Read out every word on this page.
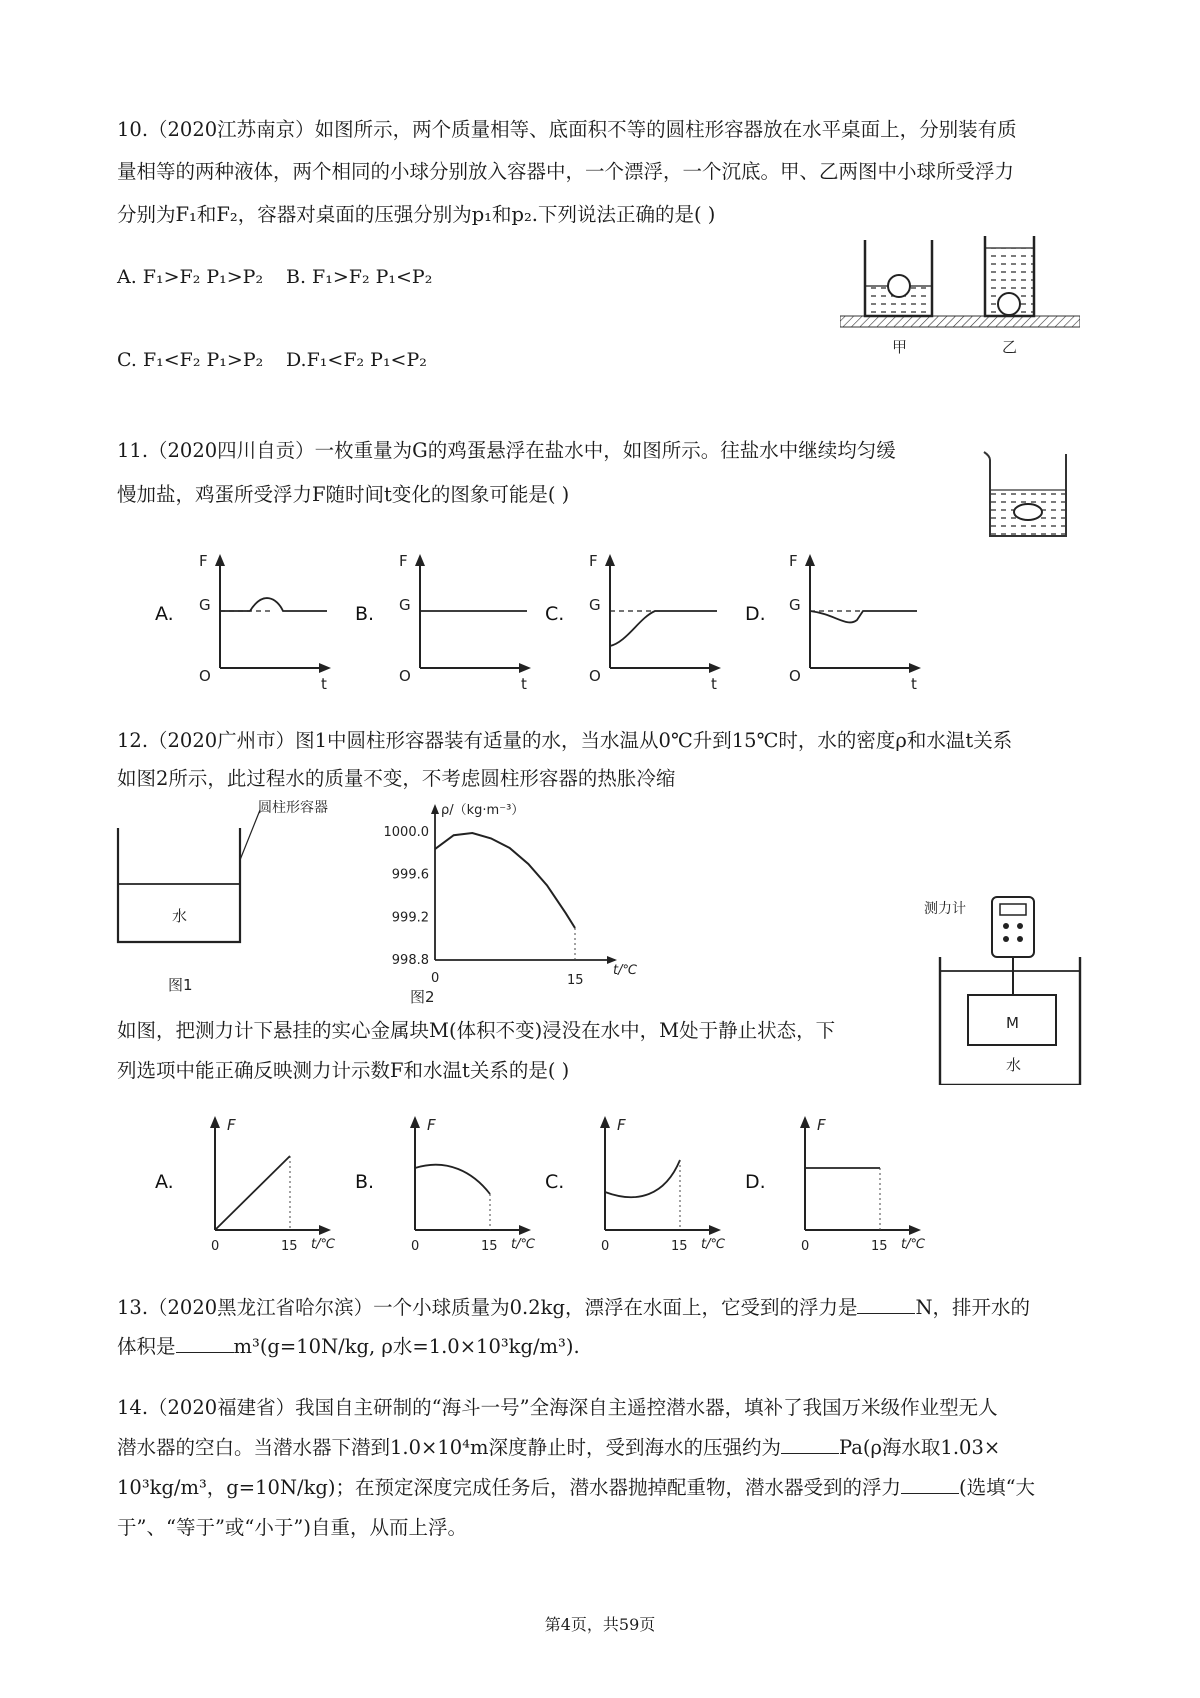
10.（2020江苏南京）如图所示，两个质量相等、底面积不等的圆柱形容器放在水平桌面上，分别装有质
量相等的两种液体，两个相同的小球分别放入容器中，一个漂浮，一个沉底。甲、乙两图中小球所受浮力
分别为F₁和F₂，容器对桌面的压强分别为p₁和p₂.下列说法正确的是( )
A. F₁>F₂ P₁>P₂ B. F₁>F₂ P₁<P₂
C. F₁<F₂ P₁>P₂ D.F₁<F₂ P₁<P₂
甲	乙
11.（2020四川自贡）一枚重量为G的鸡蛋悬浮在盐水中，如图所示。往盐水中继续均匀缓
慢加盐，鸡蛋所受浮力F随时间t变化的图象可能是( )
A.
F
G
O	t
B.
F
G
O	t
C.
F
G
O	t
D.
F
G
O	t
12.（2020广州市）图1中圆柱形容器装有适量的水，当水温从0℃升到15℃时，水的密度ρ和水温t关系
如图2所示，此过程水的质量不变，不考虑圆柱形容器的热胀冷缩
圆柱形容器
水
图1
1000.0
999.6
999.2
998.8
0	15
t/℃
ρ/（kg·m⁻³）
图2
测力计
M
水
如图，把测力计下悬挂的实心金属块M(体积不变)浸没在水中，M处于静止状态，下
列选项中能正确反映测力计示数F和水温t关系的是( )
A.
F
0	15 t/℃
B.
F
0	15 t/℃
C.
F
0	15 t/℃
D.
F
0	15 t/℃
13.（2020黑龙江省哈尔滨）一个小球质量为0.2kg，漂浮在水面上，它受到的浮力是	N，排开水的
体积是	m³(g=10N/kg, ρ水=1.0×10³kg/m³).
14.（2020福建省）我国自主研制的“海斗一号”全海深自主遥控潜水器，填补了我国万米级作业型无人
潜水器的空白。当潜水器下潜到1.0×10⁴m深度静止时，受到海水的压强约为	Pa(ρ海水取1.03×
10³kg/m³，g=10N/kg)；在预定深度完成任务后，潜水器抛掉配重物，潜水器受到的浮力	(选填“大
于”、“等于”或“小于”)自重，从而上浮。
第4页，共59页
